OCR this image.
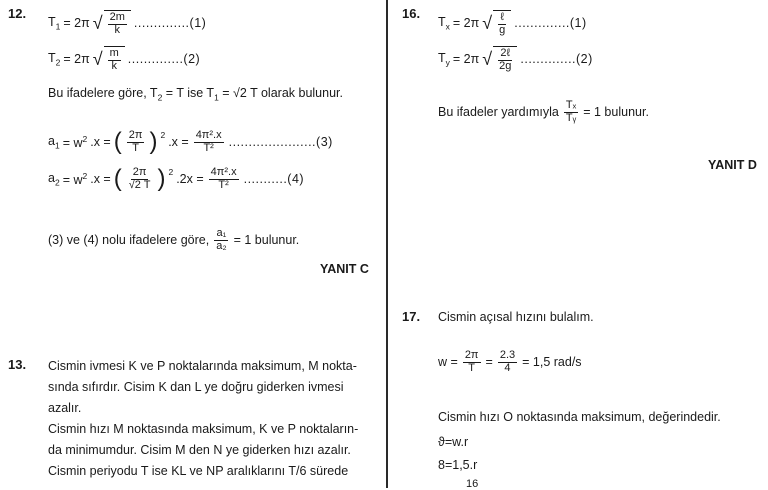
12.
$T_1 = 2\pi$ √ $\frac{2m}{k} ..............(1)$
$T_2 = 2\pi$ √ $\frac{m}{k} ..............(2)$
Bu ifadelere göre, $T_2 = T$ ise $T_1 = √2$ T olarak bulunur.
$a_1 = w^2$ .x = ( $\frac{2\pi}{T}$ ) $^2$ $.x = \frac{\text{4π².x}}{\text{T²}} ......................(3)$
$a_2 = w^2$ .x = ( $\frac{2\pi}{√2 T}$ ) $^2$ $.2x = \frac{\text{4π².x}}{\text{T²}} ...........(4)$
(3) ve (4) nolu ifadelere göre, $\frac{\text{a₁}}{\text{a₂}} = 1$ bulunur.
YANIT C
13. Cismin ivmesi K ve P noktalarında maksimum, M nokta-
sında sıfırdır. Cisim K dan L ye doğru giderken ivmesi
azalır.
Cismin hızı M noktasında maksimum, K ve P noktaların-
da minimumdur. Cisim M den N ye giderken hızı azalır.
Cismin periyodu T ise KL ve NP aralıklarını T/6 sürede
16.
$T_x = 2\pi$ √ $\frac{\text{ℓ}}{g} ..............(1)$
$T_y = 2\pi$ √ $\frac{\text{2ℓ}}{2g} ..............(2)$
Bu ifadeler yardımıyla $\frac{\text{Tₓ}}{\text{Tᵧ}} = 1$ bulunur.
YANIT D
17. Cismin açısal hızını bulalım.
$w = \frac{2\pi}{T} = \frac{2.3}{4} = 1,5$ rad/s
Cismin hızı O noktasında maksimum, değerindedir.
ϑ=w.r
8=1,5.r
16
